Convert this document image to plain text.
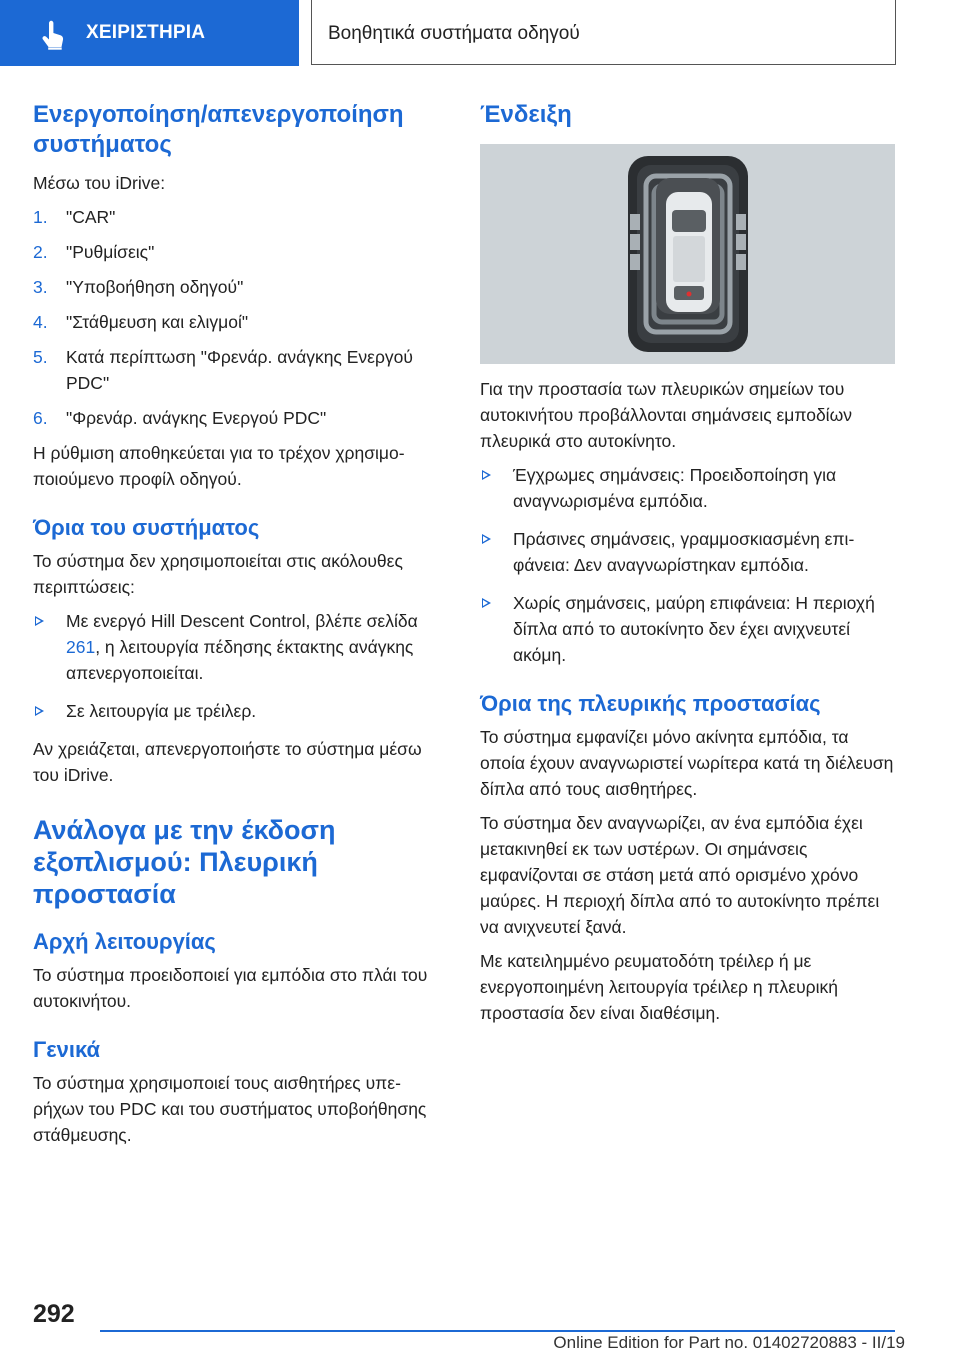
ΧΕΙΡΙΣΤΗΡΙΑ	Βοηθητικά συστήματα οδηγού
Ενεργοποίηση/απενεργοποίηση συστήματος

Μέσω του iDrive:

1. "CAR"
2. "Ρυθμίσεις"
3. "Υποβοήθηση οδηγού"
4. "Στάθμευση και ελιγμοί"
5. Κατά περίπτωση "Φρενάρ. ανάγκης Ενεργού PDC"
6. "Φρενάρ. ανάγκης Ενεργού PDC"

Η ρύθμιση αποθηκεύεται για το τρέχον χρησιμοποιούμενο προφίλ οδηγού.

Όρια του συστήματος

Το σύστημα δεν χρησιμοποιείται στις ακόλουθες περιπτώσεις:

Με ενεργό Hill Descent Control, βλέπε σελίδα 261, η λειτουργία πέδησης έκτακτης ανάγκης απενεργοποιείται.
Σε λειτουργία με τρέιλερ.

Αν χρειάζεται, απενεργοποιήστε το σύστημα μέσω του iDrive.

Ανάλογα με την έκδοση εξοπλισμού: Πλευρική προστασία
Αρχή λειτουργίας

Το σύστημα προειδοποιεί για εμπόδια στο πλάι του αυτοκινήτου.

Γενικά

Το σύστημα χρησιμοποιεί τους αισθητήρες υπερήχων του PDC και του συστήματος υποβοήθησης στάθμευσης.

Ένδειξη

Για την προστασία των πλευρικών σημείων του αυτοκινήτου προβάλλονται σημάνσεις εμποδίων πλευρικά στο αυτοκίνητο.

Έγχρωμες σημάνσεις: Προειδοποίηση για αναγνωρισμένα εμπόδια.
Πράσινες σημάνσεις, γραμμοσκιασμένη επιφάνεια: Δεν αναγνωρίστηκαν εμπόδια.
Χωρίς σημάνσεις, μαύρη επιφάνεια: Η περιοχή δίπλα από το αυτοκίνητο δεν έχει ανιχνευτεί ακόμη.
Όρια της πλευρικής προστασίας

Το σύστημα εμφανίζει μόνο ακίνητα εμπόδια, τα οποία έχουν αναγνωριστεί νωρίτερα κατά τη διέλευση δίπλα από τους αισθητήρες.

Το σύστημα δεν αναγνωρίζει, αν ένα εμπόδια έχει μετακινηθεί εκ των υστέρων. Οι σημάνσεις εμφανίζονται σε στάση μετά από ορισμένο χρόνο μαύρες. Η περιοχή δίπλα από το αυτοκίνητο πρέπει να ανιχνευτεί ξανά.

Με κατειλημμένο ρευματοδότη τρέιλερ ή με ενεργοποιημένη λειτουργία τρέιλερ η πλευρική προστασία δεν είναι διαθέσιμη.

292
Online Edition for Part no. 01402720883 - II/19
